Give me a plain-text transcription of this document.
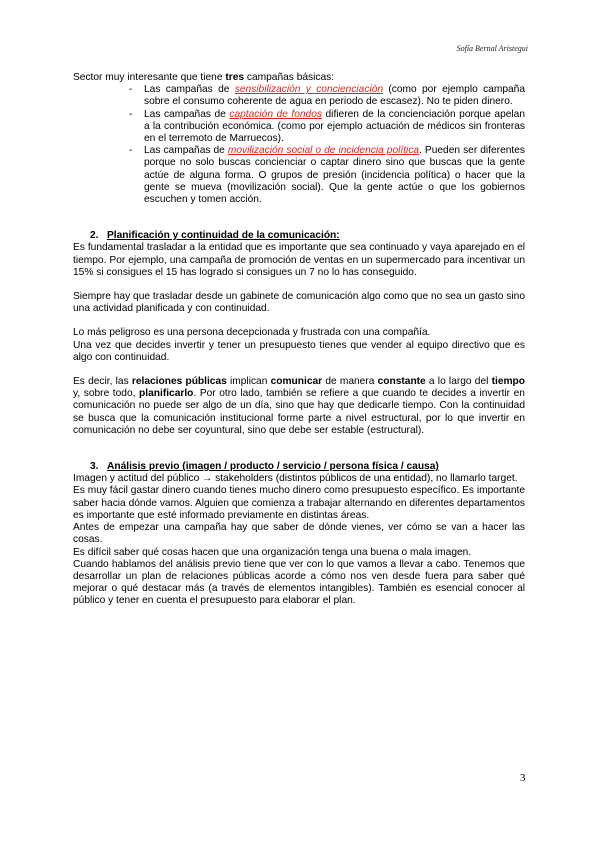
Sofía Bernal Aristegui

Sector muy interesante que tiene tres campañas básicas:

- Las campañas de sensibilización y concienciación (como por ejemplo campaña sobre el consumo coherente de agua en periodo de escasez). No te piden dinero.
- Las campañas de captación de fondos difieren de la concienciación porque apelan a la contribución económica. (como por ejemplo actuación de médicos sin fronteras en el terremoto de Marruecos).
- Las campañas de movilización social o de incidencia política. Pueden ser diferentes porque no solo buscas concienciar o captar dinero sino que buscas que la gente actúe de alguna forma. O grupos de presión (incidencia política) o hacer que la gente se mueva (movilización social). Que la gente actúe o que los gobiernos escuchen y tomen acción.
2. Planificación y continuidad de la comunicación:

Es fundamental trasladar a la entidad que es importante que sea continuado y vaya aparejado en el tiempo. Por ejemplo, una campaña de promoción de ventas en un supermercado para incentivar un 15% si consigues el 15 has logrado si consigues un 7 no lo has conseguido.

Siempre hay que trasladar desde un gabinete de comunicación algo como que no sea un gasto sino una actividad planificada y con continuidad.

Lo más peligroso es una persona decepcionada y frustrada con una compañía.

Una vez que decides invertir y tener un presupuesto tienes que vender al equipo directivo que es algo con continuidad.

Es decir, las relaciones públicas implican comunicar de manera constante a lo largo del tiempo y, sobre todo, planificarlo. Por otro lado, también se refiere a que cuando te decides a invertir en comunicación no puede ser algo de un día, sino que hay que dedicarle tiempo. Con la continuidad se busca que la comunicación institucional forme parte a nivel estructural, por lo que invertir en comunicación no debe ser coyuntural, sino que debe ser estable (estructural).

3. Análisis previo (imagen / producto / servicio / persona física / causa)

Imagen y actitud del público → stakeholders (distintos públicos de una entidad), no llamarlo target.

Es muy fácil gastar dinero cuando tienes mucho dinero como presupuesto específico. Es importante saber hacia dónde vamos. Alguien que comienza a trabajar alternando en diferentes departamentos es importante que esté informado previamente en distintas áreas.

Antes de empezar una campaña hay que saber de dónde vienes, ver cómo se van a hacer las cosas.

Es difícil saber qué cosas hacen que una organización tenga una buena o mala imagen.

Cuando hablamos del análisis previo tiene que ver con lo que vamos a llevar a cabo. Tenemos que desarrollar un plan de relaciones públicas acorde a cómo nos ven desde fuera para saber qué mejorar o qué destacar más (a través de elementos intangibles). También es esencial conocer al público y tener en cuenta el presupuesto para elaborar el plan.

3
